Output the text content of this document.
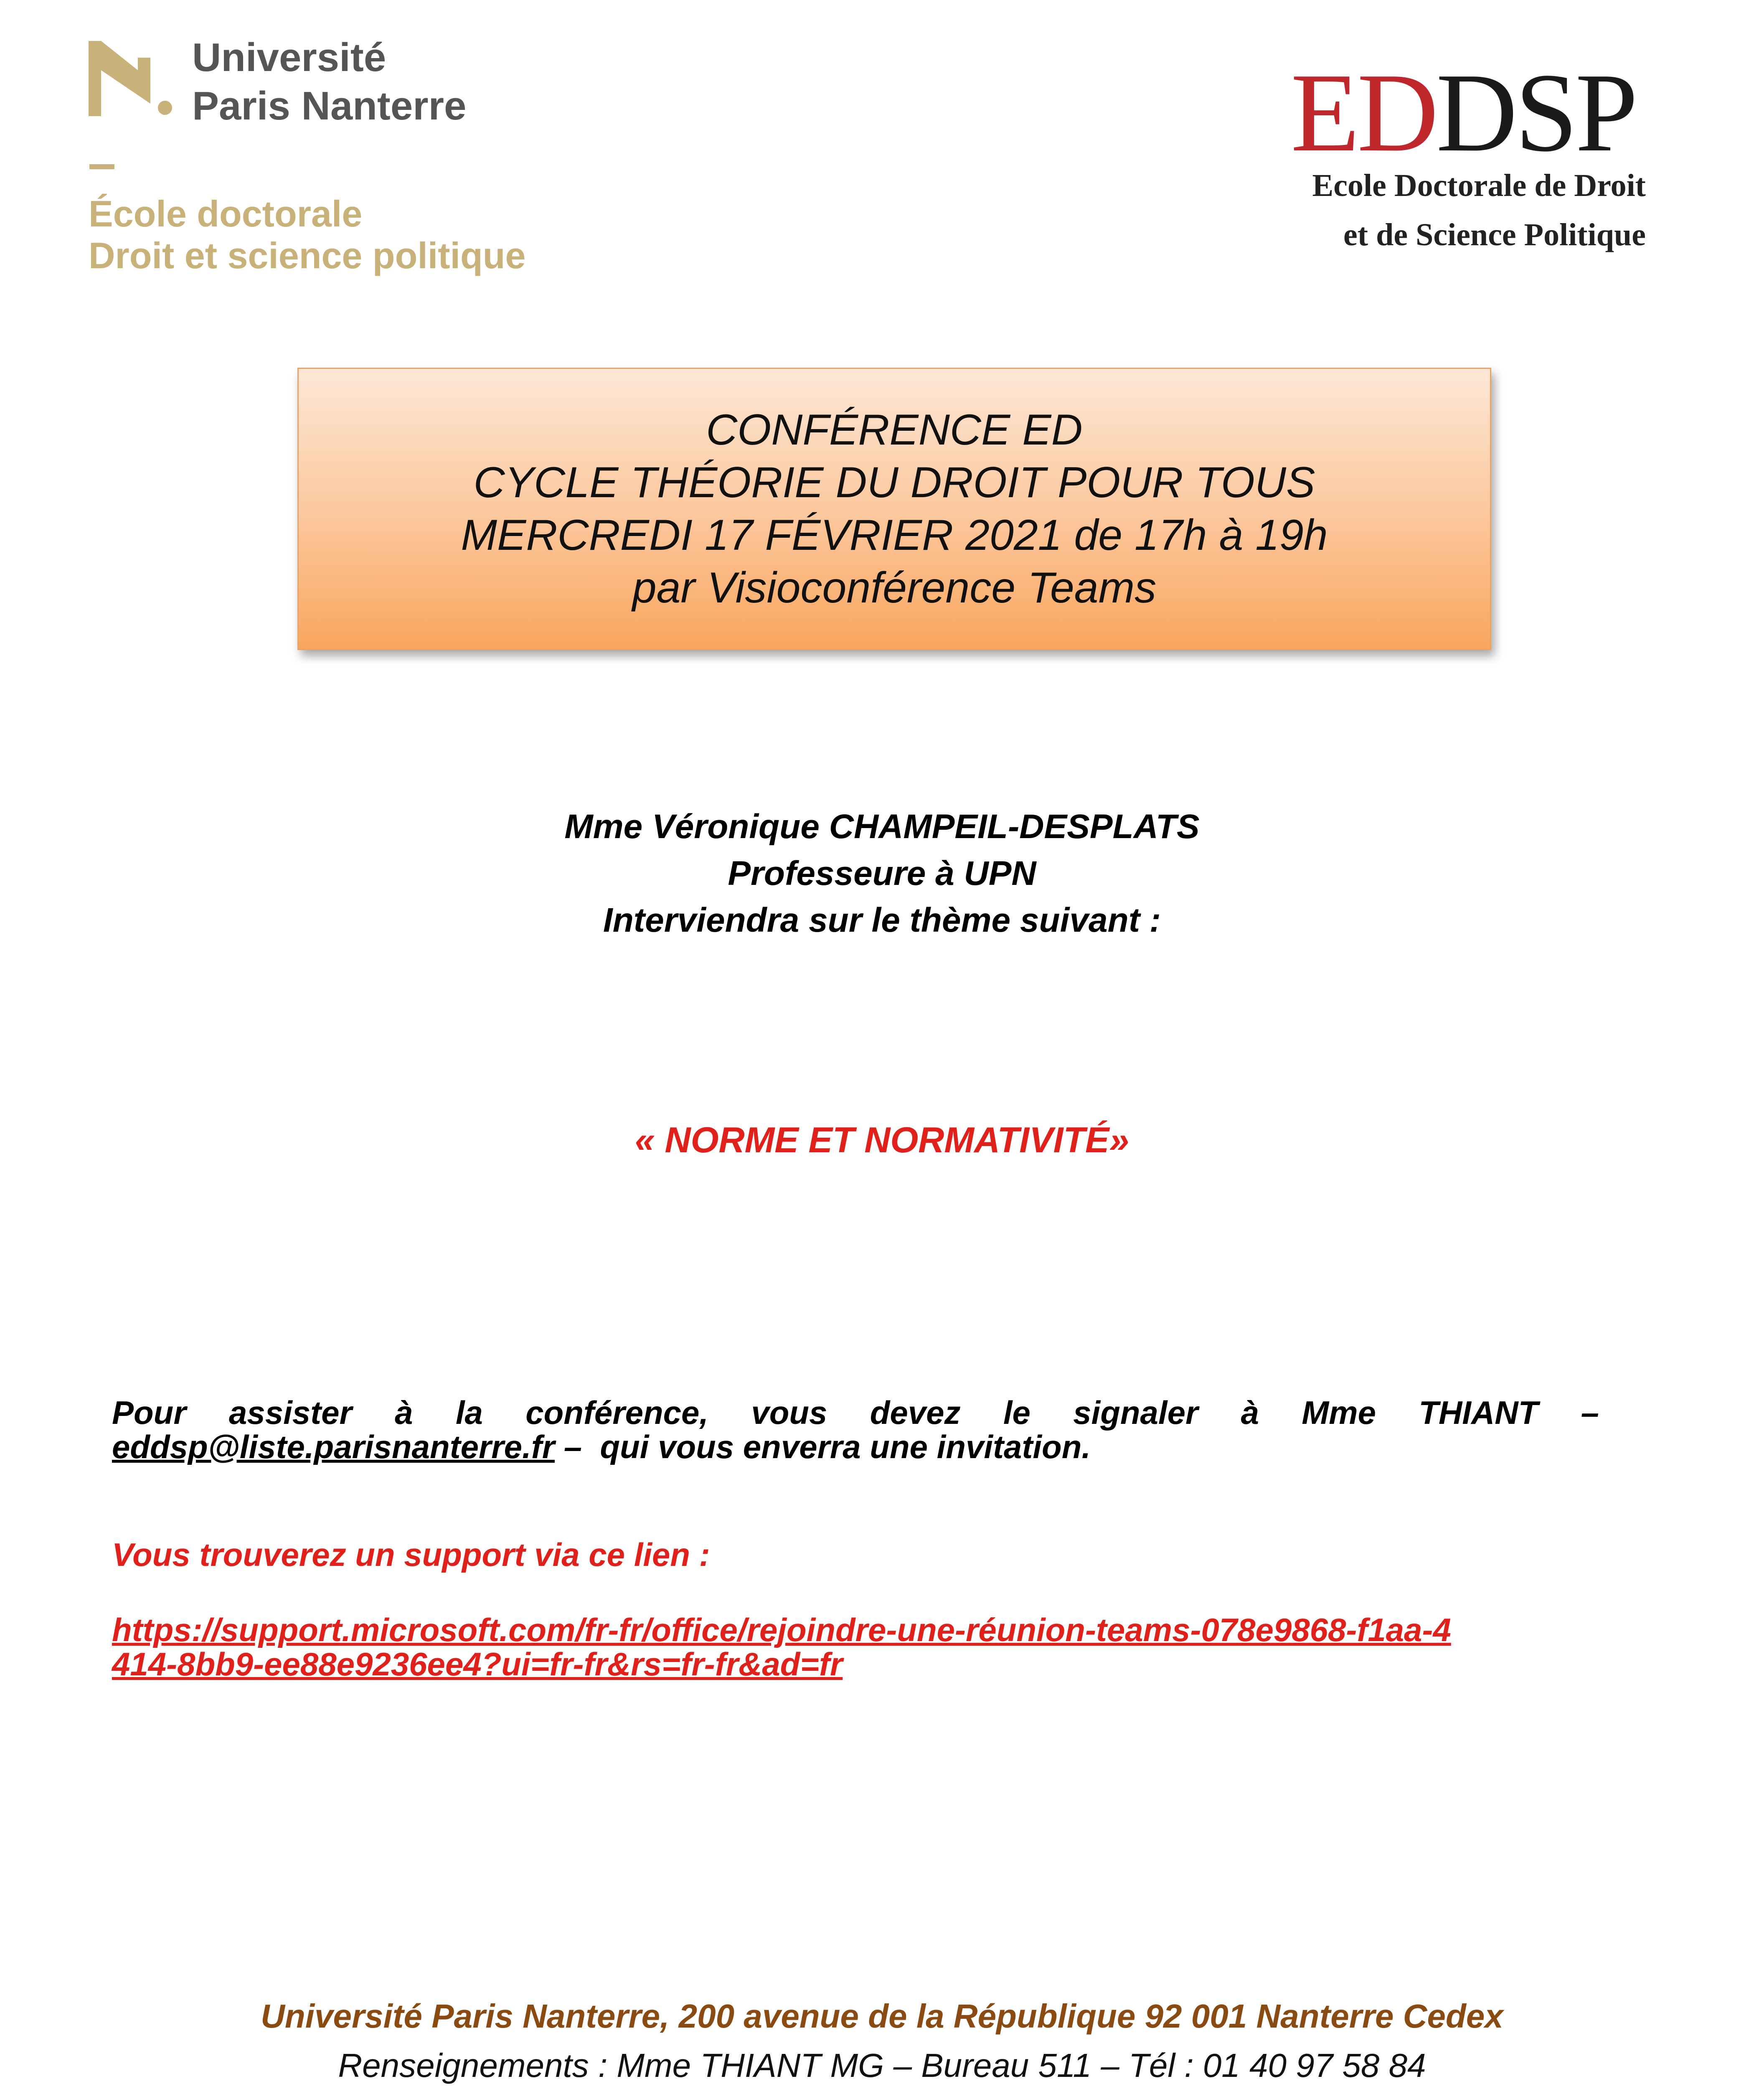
Université
Paris Nanterre
École doctorale
Droit et science politique
EDDSP
Ecole Doctorale de Droit
et de Science Politique
CONFÉRENCE ED
CYCLE THÉORIE DU DROIT POUR TOUS
MERCREDI 17 FÉVRIER 2021 de 17h à 19h
par Visioconférence Teams
Mme Véronique CHAMPEIL-DESPLATS
Professeure à UPN
Interviendra sur le thème suivant :
« NORME ET NORMATIVITÉ»
Pour assister à la conférence, vous devez le signaler à Mme THIANT –
eddsp@liste.parisnanterre.fr –  qui vous enverra une invitation.
Vous trouverez un support via ce lien :
https://support.microsoft.com/fr-fr/office/rejoindre-une-réunion-teams-078e9868-f1aa-4
414-8bb9-ee88e9236ee4?ui=fr-fr&rs=fr-fr&ad=fr
Université Paris Nanterre, 200 avenue de la République 92 001 Nanterre Cedex
Renseignements : Mme THIANT MG – Bureau 511 – Tél : 01 40 97 58 84
